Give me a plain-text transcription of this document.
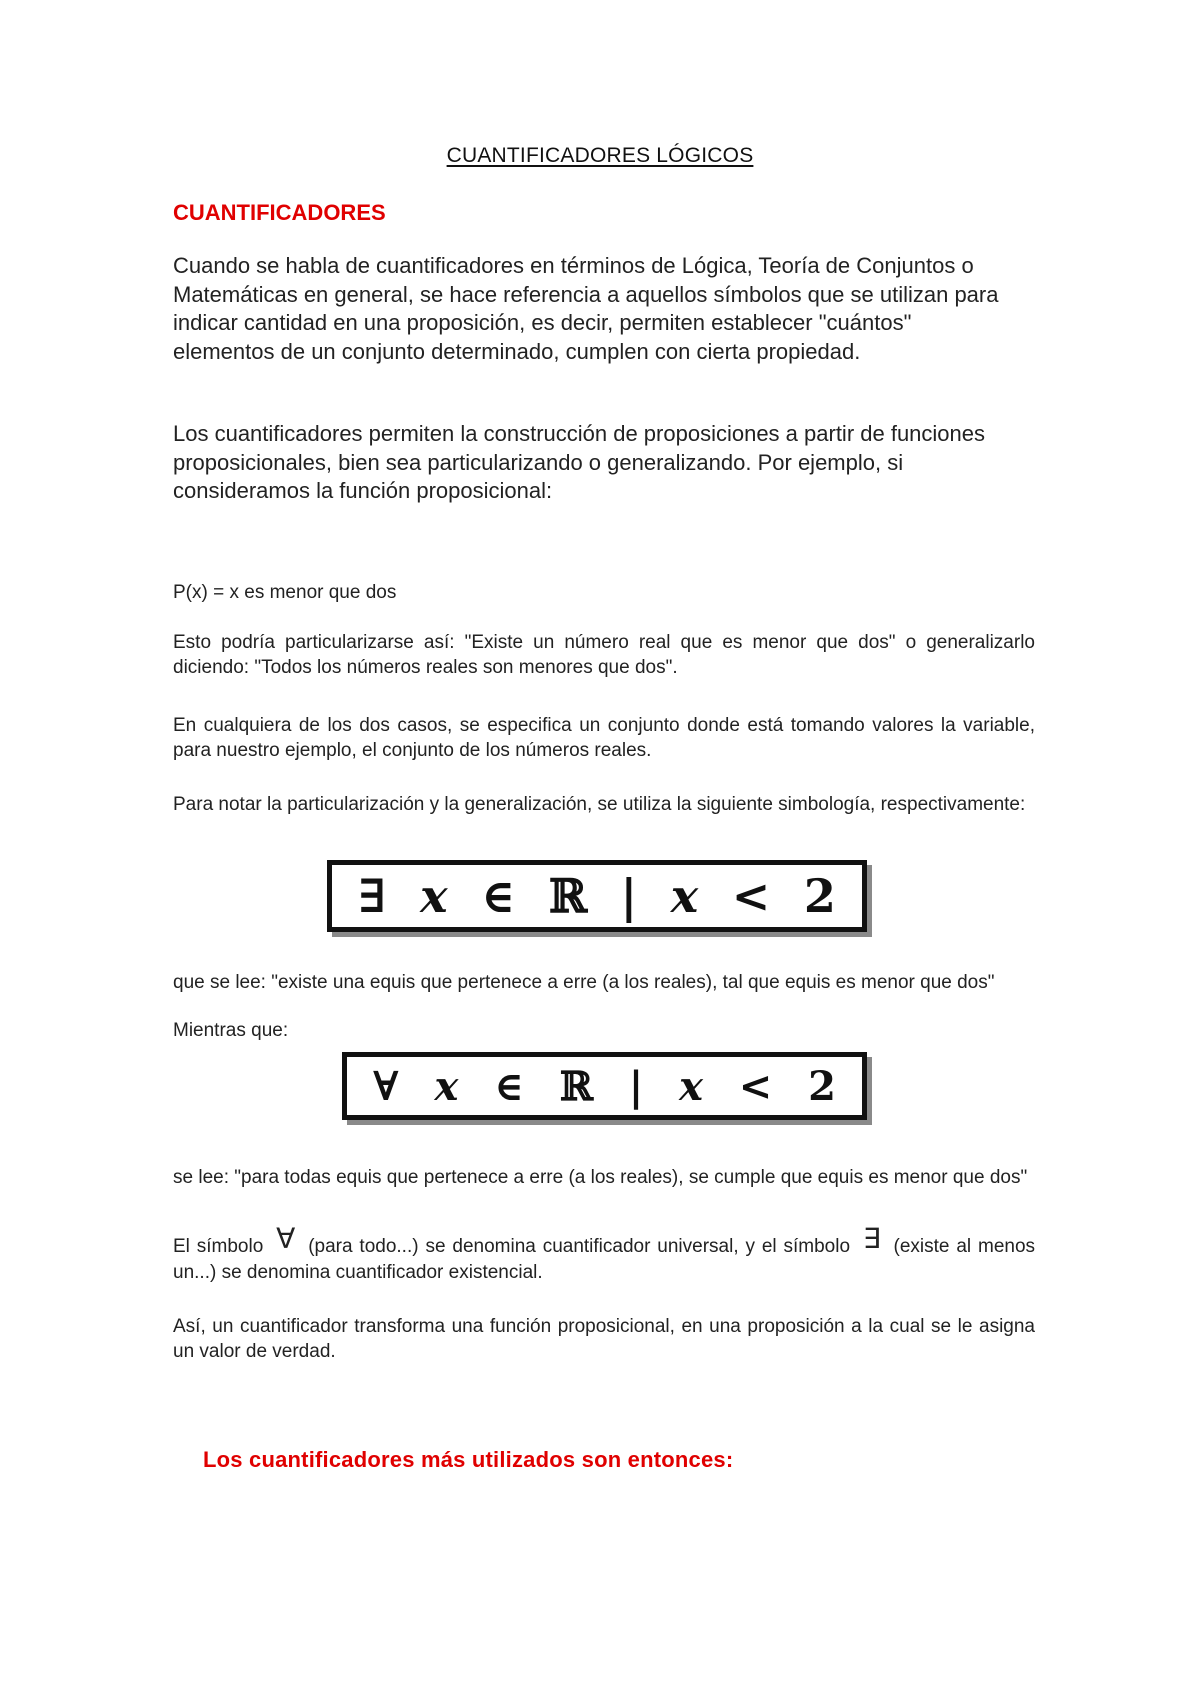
CUANTIFICADORES LÓGICOS
CUANTIFICADORES
Cuando se habla de cuantificadores en términos de Lógica, Teoría de Conjuntos o Matemáticas en general, se hace referencia a aquellos símbolos que se utilizan para indicar cantidad en una proposición, es decir, permiten establecer "cuántos" elementos de un conjunto determinado, cumplen con cierta propiedad.
Los cuantificadores permiten la construcción de proposiciones a partir de funciones proposicionales, bien sea particularizando o generalizando. Por ejemplo, si consideramos la función proposicional:
P(x) = x es menor que dos
Esto podría particularizarse así: "Existe un número real que es menor que dos" o generalizarlo diciendo: "Todos los números reales son menores que dos".
En cualquiera de los dos casos, se especifica un conjunto donde está tomando valores la variable, para nuestro ejemplo, el conjunto de los números reales.
Para notar la particularización y la generalización, se utiliza la siguiente simbología, respectivamente:
∃ x ∈ ℝ | x < 2
que se lee: "existe una equis que pertenece a erre (a los reales), tal que equis es menor que dos"
Mientras que:
∀ x ∈ ℝ | x < 2
se lee: "para todas equis que pertenece a erre (a los reales), se cumple que equis es menor que dos"
El símbolo ∀ (para todo...) se denomina cuantificador universal, y el símbolo ∃ (existe al menos un...) se denomina cuantificador existencial.
Así, un cuantificador transforma una función proposicional, en una proposición a la cual se le asigna un valor de verdad.
Los cuantificadores más utilizados son entonces:
